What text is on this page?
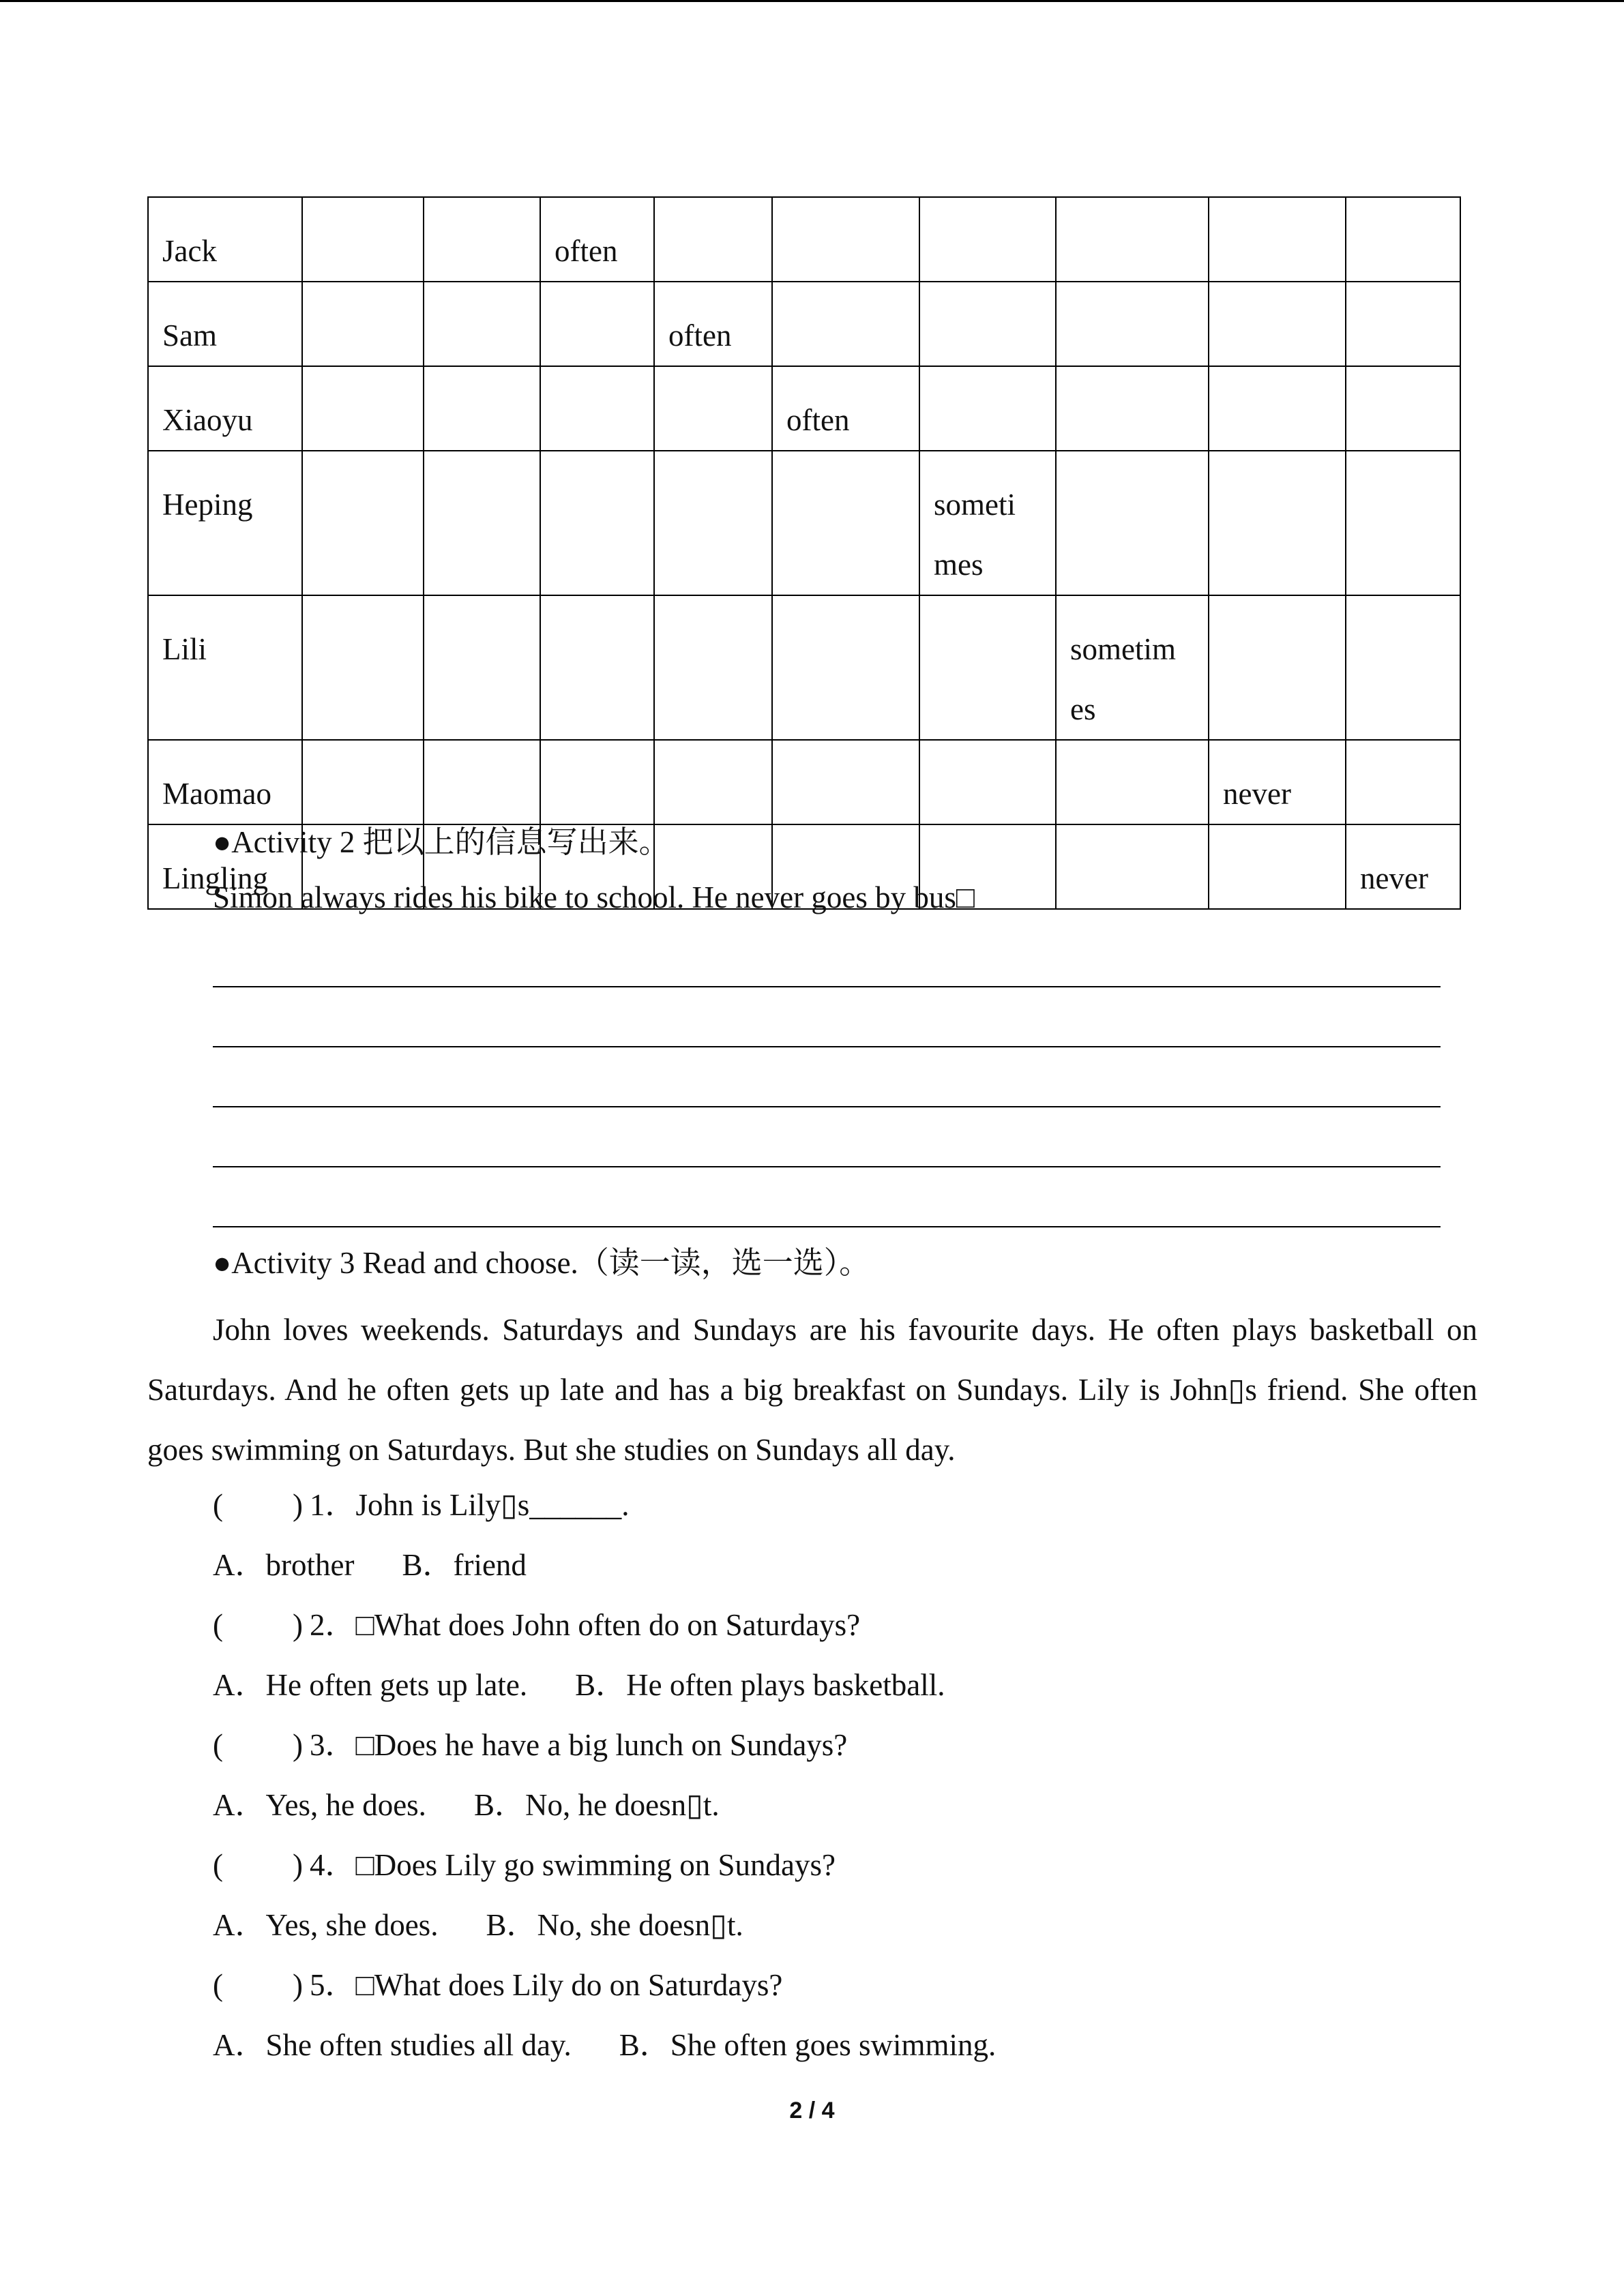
Jack			often						
Sam				often					
Xiaoyu					often				
Heping						someti
mes			

Lili							sometim
es		

Maomao								never	
Lingling									never
●Activity 2 把以上的信息写出来。
Simon always rides his bike to school. He never goes by bus□
●Activity 3 Read and choose.（读一读，选一选）。
John loves weekends. Saturdays and Sundays are his favourite days. He often plays basketball on Saturdays. And he often gets up late and has a big breakfast on Sundays. Lily is John▯s friend. She often goes swimming on Saturdays. But she studies on Sundays all day.
( ) 1．John is Lily▯s______.
A．brother B．friend
( ) 2．□What does John often do on Saturdays?
A．He often gets up late. B．He often plays basketball.
( ) 3．□Does he have a big lunch on Sundays?
A．Yes, he does. B．No, he doesn▯t.
( ) 4．□Does Lily go swimming on Sundays?
A．Yes, she does. B．No, she doesn▯t.
( ) 5．□What does Lily do on Saturdays?
A．She often studies all day. B．She often goes swimming.
2 / 4
